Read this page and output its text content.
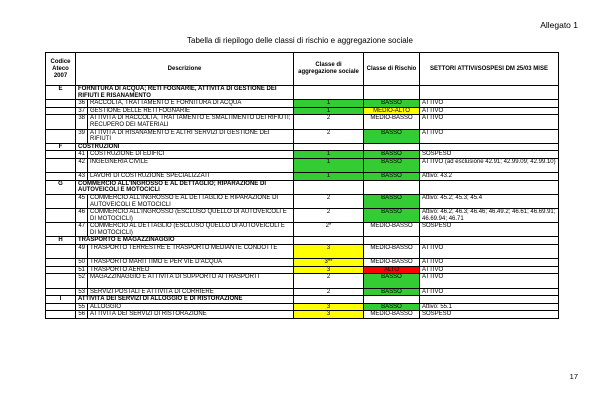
Allegato 1
Tabella di riepilogo delle classi di rischio e aggregazione sociale
Codice Ateco 2007	Descrizione		Classe di aggregazione sociale	Classe di Rischio	SETTORI ATTIVI/SOSPESI DM 25/03 MISE
E	FORNITURA DI ACQUA; RETI FOGNARIE, ATTIVITÀ DI GESTIONE DEI RIFIUTI E RISANAMENTO				
	36	RACCOLTA, TRATTAMENTO E FORNITURA DI ACQUA	1	BASSO	ATTIVO
	37	GESTIONE DELLE RETI FOGNARIE	1	MEDIO-ALTO	ATTIVO
	38	ATTIVITÀ DI RACCOLTA, TRATTAMENTO E SMALTIMENTO DEI RIFIUTI; RECUPERO DEI MATERIALI	2	MEDIO-BASSO	ATTIVO
	39	ATTIVITÀ DI RISANAMENTO E ALTRI SERVIZI DI GESTIONE DEI RIFIUTI	2	BASSO	ATTIVO
F	COSTRUZIONI				
	41	COSTRUZIONE DI EDIFICI	1	BASSO	SOSPESO
	42	INGEGNERIA CIVILE	1	BASSO	ATTIVO (ad esclusione 42.91; 42.99.09; 42.99.10)
	43	LAVORI DI COSTRUZIONE SPECIALIZZATI	1	BASSO	Attivo: 43.2
G	COMMERCIO ALL'INGROSSO E AL DETTAGLIO; RIPARAZIONE DI AUTOVEICOLI E MOTOCICLI				
	45	COMMERCIO ALL'INGROSSO E AL DETTAGLIO E RIPARAZIONE DI AUTOVEICOLI E MOTOCICLI	2	BASSO	Attivo: 45.2; 45.3; 45.4
	46	COMMERCIO ALL'INGROSSO (ESCLUSO QUELLO DI AUTOVEICOLI E DI MOTOCICLI)	2	BASSO	Attivo: 46.2; 46.3; 46.46; 46.49.2; 46.61; 46.69.91; 46.69.94; 46.71
	47	COMMERCIO AL DETTAGLIO (ESCLUSO QUELLO DI AUTOVEICOLI E DI MOTOCICLI)	2*	MEDIO-BASSO	SOSPESO
H	TRASPORTO E MAGAZZINAGGIO				
	49	TRASPORTO TERRESTRE E TRASPORTO MEDIANTE CONDOTTE	3	MEDIO-BASSO	ATTIVO
	50	TRASPORTO MARITTIMO E PER VIE D'ACQUA	3**	MEDIO-BASSO	ATTIVO
	51	TRASPORTO AEREO	3	ALTO	ATTIVO
	52	MAGAZZINAGGIO E ATTIVITÀ DI SUPPORTO AI TRASPORTI	2	BASSO	ATTIVO
	53	SERVIZI POSTALI E ATTIVITÀ DI CORRIERE	2	BASSO	ATTIVO
I	ATTIVITÀ DEI SERVIZI DI ALLOGGIO E DI RISTORAZIONE				
	55	ALLOGGIO	3	BASSO	Attivo: 55.1
	56	ATTIVITÀ DEI SERVIZI DI RISTORAZIONE	3	MEDIO-BASSO	SOSPESO
17
